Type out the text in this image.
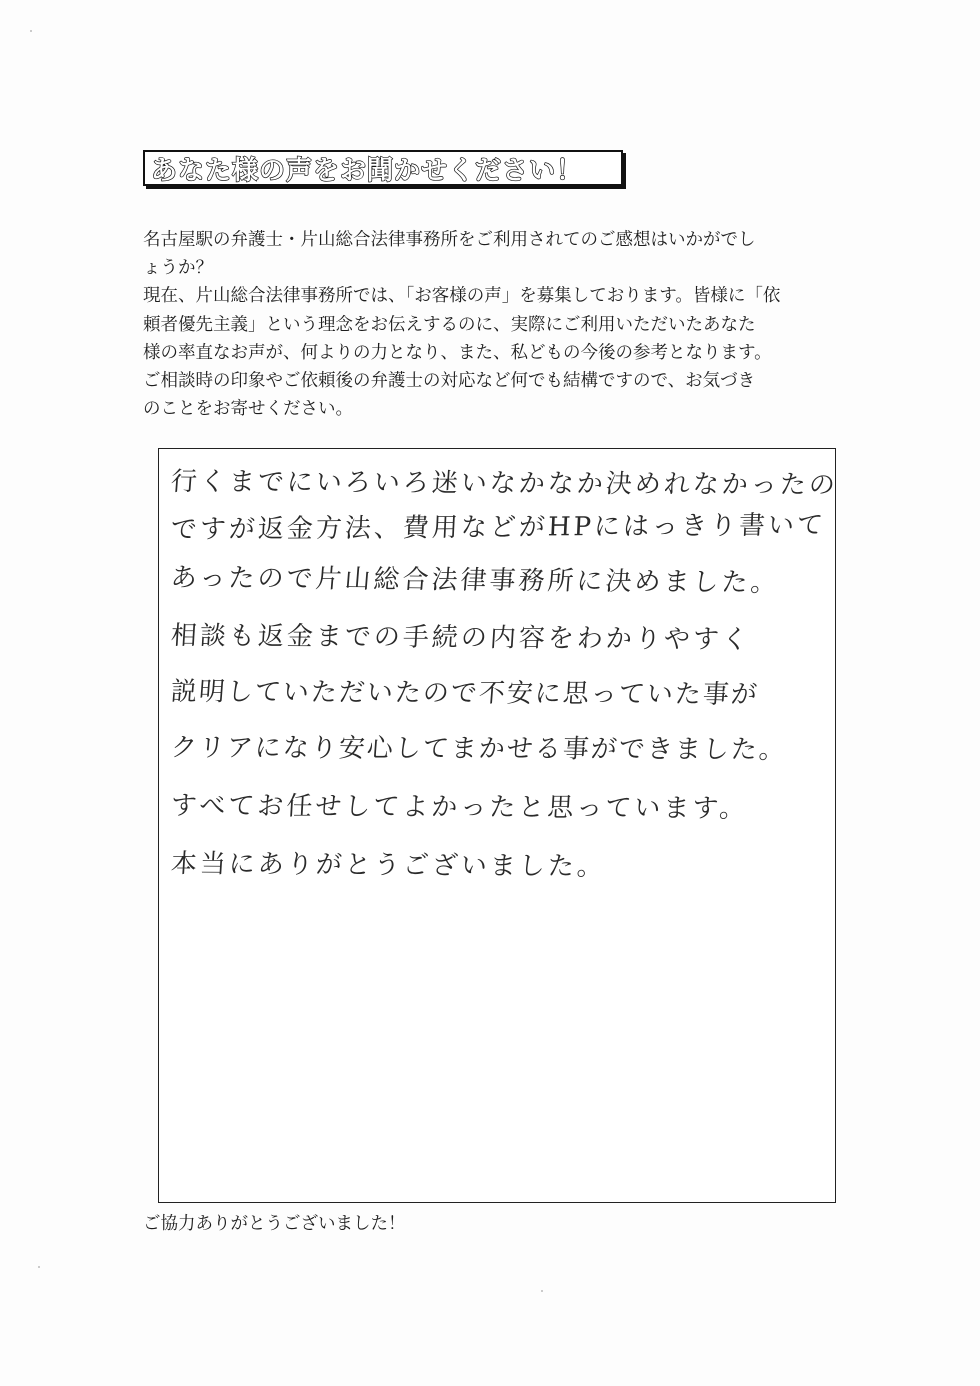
あなた様の声をお聞かせください！

名古屋駅の弁護士・片山総合法律事務所をご利用されてのご感想はいかがでし

ょうか？

現在、片山総合法律事務所では、「お客様の声」を募集しております。皆様に「依

頼者優先主義」という理念をお伝えするのに、実際にご利用いただいたあなた

様の率直なお声が、何よりの力となり、また、私どもの今後の参考となります。

ご相談時の印象やご依頼後の弁護士の対応など何でも結構ですので、お気づき

のことをお寄せください。

行くまでにいろいろ迷いなかなか決めれなかったの
ですが返金方法、費用などがHPにはっきり書いて
あったので片山総合法律事務所に決めました。
相談も返金までの手続の内容をわかりやすく
説明していただいたので不安に思っていた事が
クリアになり安心してまかせる事ができました。
すべてお任せしてよかったと思っています。
本当にありがとうございました。
ご協力ありがとうございました！
